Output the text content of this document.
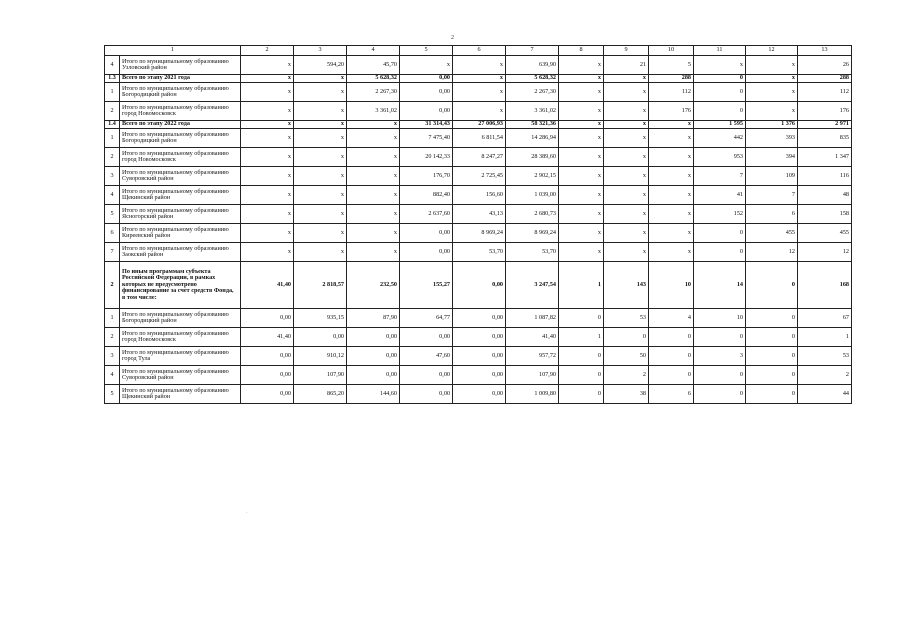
2
1		2	3	4	5	6	7	8	9	10	11	12	13
4	Итого по муниципальному образованию Узловский район	х	594,20	45,70	х	х	639,90	х	21	5	х	х	26
1.3	Всего по этапу 2021 года	х	х	5 628,32	0,00	х	5 628,32	х	х	288	0	х	288
1	Итого по муниципальному образованию Богородицкий район	х	х	2 267,30	0,00	х	2 267,30	х	х	112	0	х	112
2	Итого по муниципальному образованию город Новомосковск	х	х	3 361,02	0,00	х	3 361,02	х	х	176	0	х	176
1.4	Всего по этапу 2022 года	х	х	х	31 314,43	27 006,93	58 321,36	х	х	х	1 595	1 376	2 971
1	Итого по муниципальному образованию Богородицкий район	х	х	х	7 475,40	6 811,54	14 286,94	х	х	х	442	393	835
2	Итого по муниципальному образованию город Новомосковск	х	х	х	20 142,33	8 247,27	28 389,60	х	х	х	953	394	1 347
3	Итого по муниципальному образованию Суворовский район	х	х	х	176,70	2 725,45	2 902,15	х	х	х	7	109	116
4	Итого по муниципальному образованию Щекинский район	х	х	х	882,40	156,60	1 039,00	х	х	х	41	7	48
5	Итого по муниципальному образованию Ясногорский район	х	х	х	2 637,60	43,13	2 680,73	х	х	х	152	6	158
6	Итого по муниципальному образованию Киреевский район	х	х	х	0,00	8 969,24	8 969,24	х	х	х	0	455	455
7	Итого по муниципальному образованию Заокский район	х	х	х	0,00	53,70	53,70	х	х	х	0	12	12
2	По иным программам субъекта Российской Федерации, в рамках которых не предусмотрено финансирование за счет средств Фонда, в том числе:	41,40	2 818,57	232,50	155,27	0,00	3 247,54	1	143	10	14	0	168
1	Итого по муниципальному образованию Богородицкий район	0,00	935,15	87,90	64,77	0,00	1 087,82	0	53	4	10	0	67
2	Итого по муниципальному образованию город Новомосковск	41,40	0,00	0,00	0,00	0,00	41,40	1	0	0	0	0	1
3	Итого по муниципальному образованию город Тула	0,00	910,12	0,00	47,60	0,00	957,72	0	50	0	3	0	53
4	Итого по муниципальному образованию Суворовский район	0,00	107,90	0,00	0,00	0,00	107,90	0	2	0	0	0	2
5	Итого по муниципальному образованию Щекинский район	0,00	865,20	144,60	0,00	0,00	1 009,80	0	38	6	0	0	44
·
